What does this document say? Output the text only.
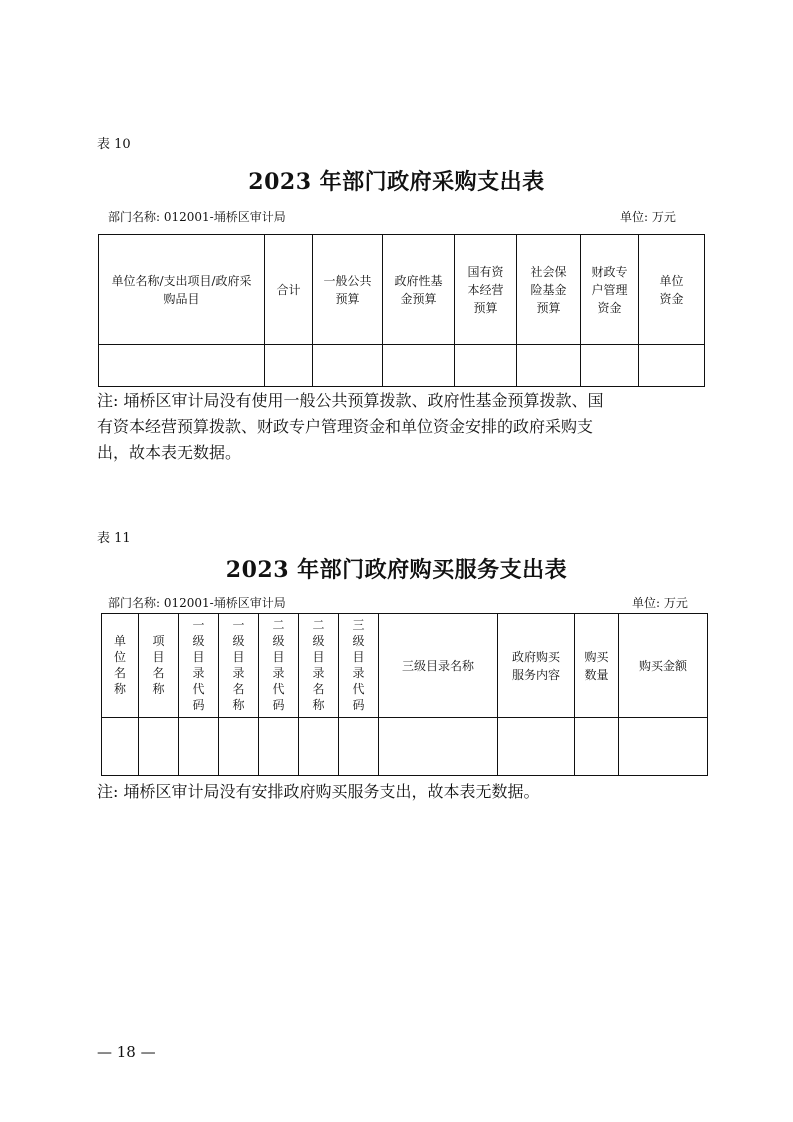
表 10
2023 年部门政府采购支出表
部门名称: 012001-埇桥区审计局	单位: 万元
单位名称/支出项目/政府采购品目	合计	一般公共预算	政府性基金预算	国有资本经营预算	社会保险基金预算	财政专户管理资金	单位资金

注: 埇桥区审计局没有使用一般公共预算拨款、政府性基金预算拨款、国
有资本经营预算拨款、财政专户管理资金和单位资金安排的政府采购支
出，故本表无数据。
表 11
2023 年部门政府购买服务支出表
部门名称: 012001-埇桥区审计局	单位: 万元
单位名称	项目名称	一级目录代码	一级目录名称	二级目录代码	二级目录名称	三级目录代码	三级目录名称	政府购买服务内容	购买数量	购买金额

注: 埇桥区审计局没有安排政府购买服务支出，故本表无数据。
— 18 —
